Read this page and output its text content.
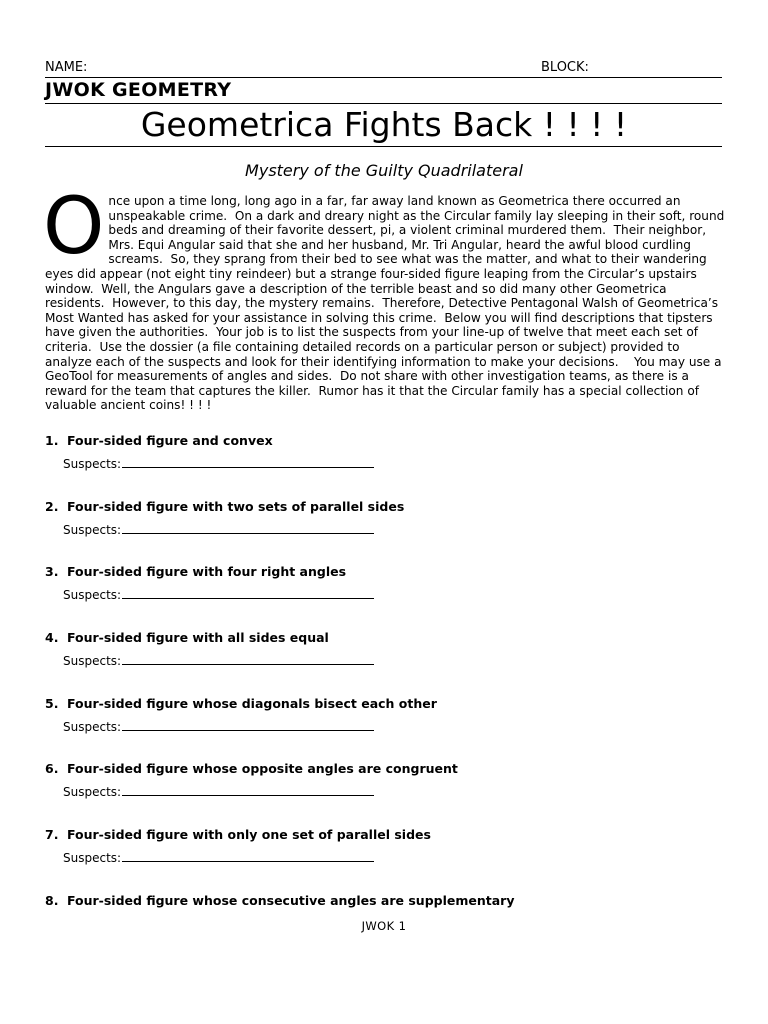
NAME:	BLOCK:
JWOK GEOMETRY
Geometrica Fights Back ! ! ! !
Mystery of the Guilty Quadrilateral
O nce upon a time long, long ago in a far, far away land known as Geometrica there occurred an unspeakable crime.  On a dark and dreary night as the Circular family lay sleeping in their soft, round beds and dreaming of their favorite dessert, pi, a violent criminal murdered them.  Their neighbor, Mrs. Equi Angular said that she and her husband, Mr. Tri Angular, heard the awful blood curdling screams.  So, they sprang from their bed to see what was the matter, and what to their wandering eyes did appear (not eight tiny reindeer) but a strange four-sided figure leaping from the Circular’s upstairs window.  Well, the Angulars gave a description of the terrible beast and so did many other Geometrica residents.  However, to this day, the mystery remains.  Therefore, Detective Pentagonal Walsh of Geometrica’s Most Wanted has asked for your assistance in solving this crime.  Below you will find descriptions that tipsters have given the authorities.  Your job is to list the suspects from your line-up of twelve that meet each set of criteria.  Use the dossier (a file containing detailed records on a particular person or subject) provided to analyze each of the suspects and look for their identifying information to make your decisions.    You may use a GeoTool for measurements of angles and sides.  Do not share with other investigation teams, as there is a reward for the team that captures the killer.  Rumor has it that the Circular family has a special collection of valuable ancient coins! ! ! !
1. Four-sided figure and convex
Suspects:
2. Four-sided figure with two sets of parallel sides
Suspects:
3. Four-sided figure with four right angles
Suspects:
4. Four-sided figure with all sides equal
Suspects:
5. Four-sided figure whose diagonals bisect each other
Suspects:
6. Four-sided figure whose opposite angles are congruent
Suspects:
7. Four-sided figure with only one set of parallel sides
Suspects:
8. Four-sided figure whose consecutive angles are supplementary
JWOK 1
